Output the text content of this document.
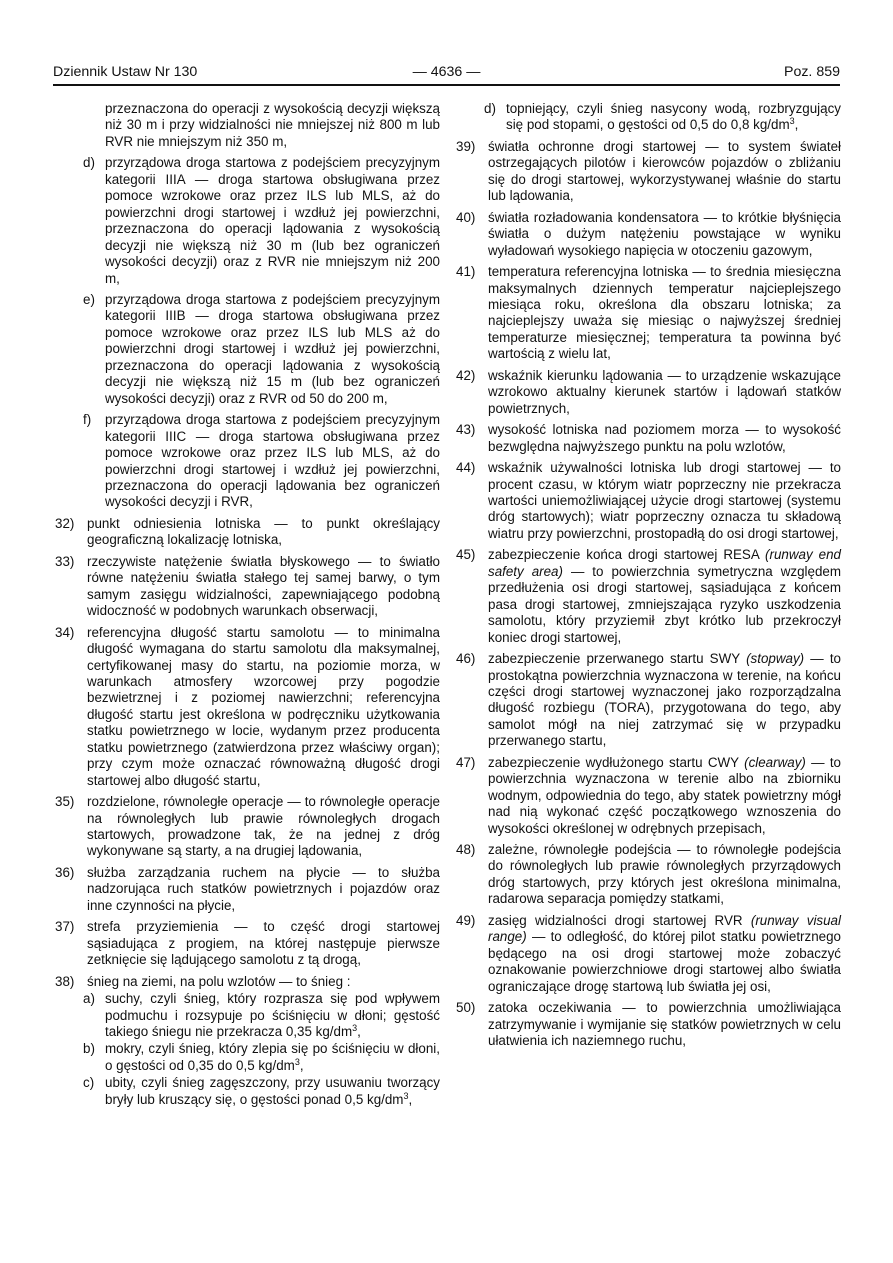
Dziennik Ustaw Nr 130	— 4636 —	Poz. 859
przeznaczona do operacji z wysokością decyzji większą niż 30 m i przy widzialności nie mniejszej niż 800 m lub RVR nie mniejszym niż 350 m,
d) przyrządowa droga startowa z podejściem precyzyjnym kategorii IIIA — droga startowa obsługiwana przez pomoce wzrokowe oraz przez ILS lub MLS, aż do powierzchni drogi startowej i wzdłuż jej powierzchni, przeznaczona do operacji lądowania z wysokością decyzji nie większą niż 30 m (lub bez ograniczeń wysokości decyzji) oraz z RVR nie mniejszym niż 200 m,
e) przyrządowa droga startowa z podejściem precyzyjnym kategorii IIIB — droga startowa obsługiwana przez pomoce wzrokowe oraz przez ILS lub MLS aż do powierzchni drogi startowej i wzdłuż jej powierzchni, przeznaczona do operacji lądowania z wysokością decyzji nie większą niż 15 m (lub bez ograniczeń wysokości decyzji) oraz z RVR od 50 do 200 m,
f) przyrządowa droga startowa z podejściem precyzyjnym kategorii IIIC — droga startowa obsługiwana przez pomoce wzrokowe oraz przez ILS lub MLS, aż do powierzchni drogi startowej i wzdłuż jej powierzchni, przeznaczona do operacji lądowania bez ograniczeń wysokości decyzji i RVR,
32) punkt odniesienia lotniska — to punkt określający geograficzną lokalizację lotniska,
33) rzeczywiste natężenie światła błyskowego — to światło równe natężeniu światła stałego tej samej barwy, o tym samym zasięgu widzialności, zapewniającego podobną widoczność w podobnych warunkach obserwacji,
34) referencyjna długość startu samolotu — to minimalna długość wymagana do startu samolotu dla maksymalnej, certyfikowanej masy do startu, na poziomie morza, w warunkach atmosfery wzorcowej przy pogodzie bezwietrznej i z poziomej nawierzchni; referencyjna długość startu jest określona w podręczniku użytkowania statku powietrznego w locie, wydanym przez producenta statku powietrznego (zatwierdzona przez właściwy organ); przy czym może oznaczać równoważną długość drogi startowej albo długość startu,
35) rozdzielone, równoległe operacje — to równoległe operacje na równoległych lub prawie równoległych drogach startowych, prowadzone tak, że na jednej z dróg wykonywane są starty, a na drugiej lądowania,
36) służba zarządzania ruchem na płycie — to służba nadzorująca ruch statków powietrznych i pojazdów oraz inne czynności na płycie,
37) strefa przyziemienia — to część drogi startowej sąsiadująca z progiem, na której następuje pierwsze zetknięcie się lądującego samolotu z tą drogą,
38) śnieg na ziemi, na polu wzlotów — to śnieg :
a) suchy, czyli śnieg, który rozprasza się pod wpływem podmuchu i rozsypuje po ściśnięciu w dłoni; gęstość takiego śniegu nie przekracza 0,35 $kg/dm^3$,
b) mokry, czyli śnieg, który zlepia się po ściśnięciu w dłoni, o gęstości od 0,35 do 0,5 $kg/dm^3$,
c) ubity, czyli śnieg zagęszczony, przy usuwaniu tworzący bryły lub kruszący się, o gęstości ponad 0,5 $kg/dm^3$,
d) topniejący, czyli śnieg nasycony wodą, rozbryzgujący się pod stopami, o gęstości od 0,5 do 0,8 $kg/dm^3$,
39) światła ochronne drogi startowej — to system świateł ostrzegających pilotów i kierowców pojazdów o zbliżaniu się do drogi startowej, wykorzystywanej właśnie do startu lub lądowania,
40) światła rozładowania kondensatora — to krótkie błyśnięcia światła o dużym natężeniu powstające w wyniku wyładowań wysokiego napięcia w otoczeniu gazowym,
41) temperatura referencyjna lotniska — to średnia miesięczna maksymalnych dziennych temperatur najcieplejszego miesiąca roku, określona dla obszaru lotniska; za najcieplejszy uważa się miesiąc o najwyższej średniej temperaturze miesięcznej; temperatura ta powinna być wartością z wielu lat,
42) wskaźnik kierunku lądowania — to urządzenie wskazujące wzrokowo aktualny kierunek startów i lądowań statków powietrznych,
43) wysokość lotniska nad poziomem morza — to wysokość bezwględna najwyższego punktu na polu wzlotów,
44) wskaźnik używalności lotniska lub drogi startowej — to procent czasu, w którym wiatr poprzeczny nie przekracza wartości uniemożliwiającej użycie drogi startowej (systemu dróg startowych); wiatr poprzeczny oznacza tu składową wiatru przy powierzchni, prostopadłą do osi drogi startowej,
45) zabezpieczenie końca drogi startowej RESA (runway end safety area) — to powierzchnia symetryczna względem przedłużenia osi drogi startowej, sąsiadująca z końcem pasa drogi startowej, zmniejszająca ryzyko uszkodzenia samolotu, który przyziemił zbyt krótko lub przekroczył koniec drogi startowej,
46) zabezpieczenie przerwanego startu SWY (stopway) — to prostokątna powierzchnia wyznaczona w terenie, na końcu części drogi startowej wyznaczonej jako rozporządzalna długość rozbiegu (TORA), przygotowana do tego, aby samolot mógł na niej zatrzymać się w przypadku przerwanego startu,
47) zabezpieczenie wydłużonego startu CWY (clearway) — to powierzchnia wyznaczona w terenie albo na zbiorniku wodnym, odpowiednia do tego, aby statek powietrzny mógł nad nią wykonać część początkowego wznoszenia do wysokości określonej w odrębnych przepisach,
48) zależne, równoległe podejścia — to równoległe podejścia do równoległych lub prawie równoległych przyrządowych dróg startowych, przy których jest określona minimalna, radarowa separacja pomiędzy statkami,
49) zasięg widzialności drogi startowej RVR (runway visual range) — to odległość, do której pilot statku powietrznego będącego na osi drogi startowej może zobaczyć oznakowanie powierzchniowe drogi startowej albo światła ograniczające drogę startową lub światła jej osi,
50) zatoka oczekiwania — to powierzchnia umożliwiająca zatrzymywanie i wymijanie się statków powietrznych w celu ułatwienia ich naziemnego ruchu,
